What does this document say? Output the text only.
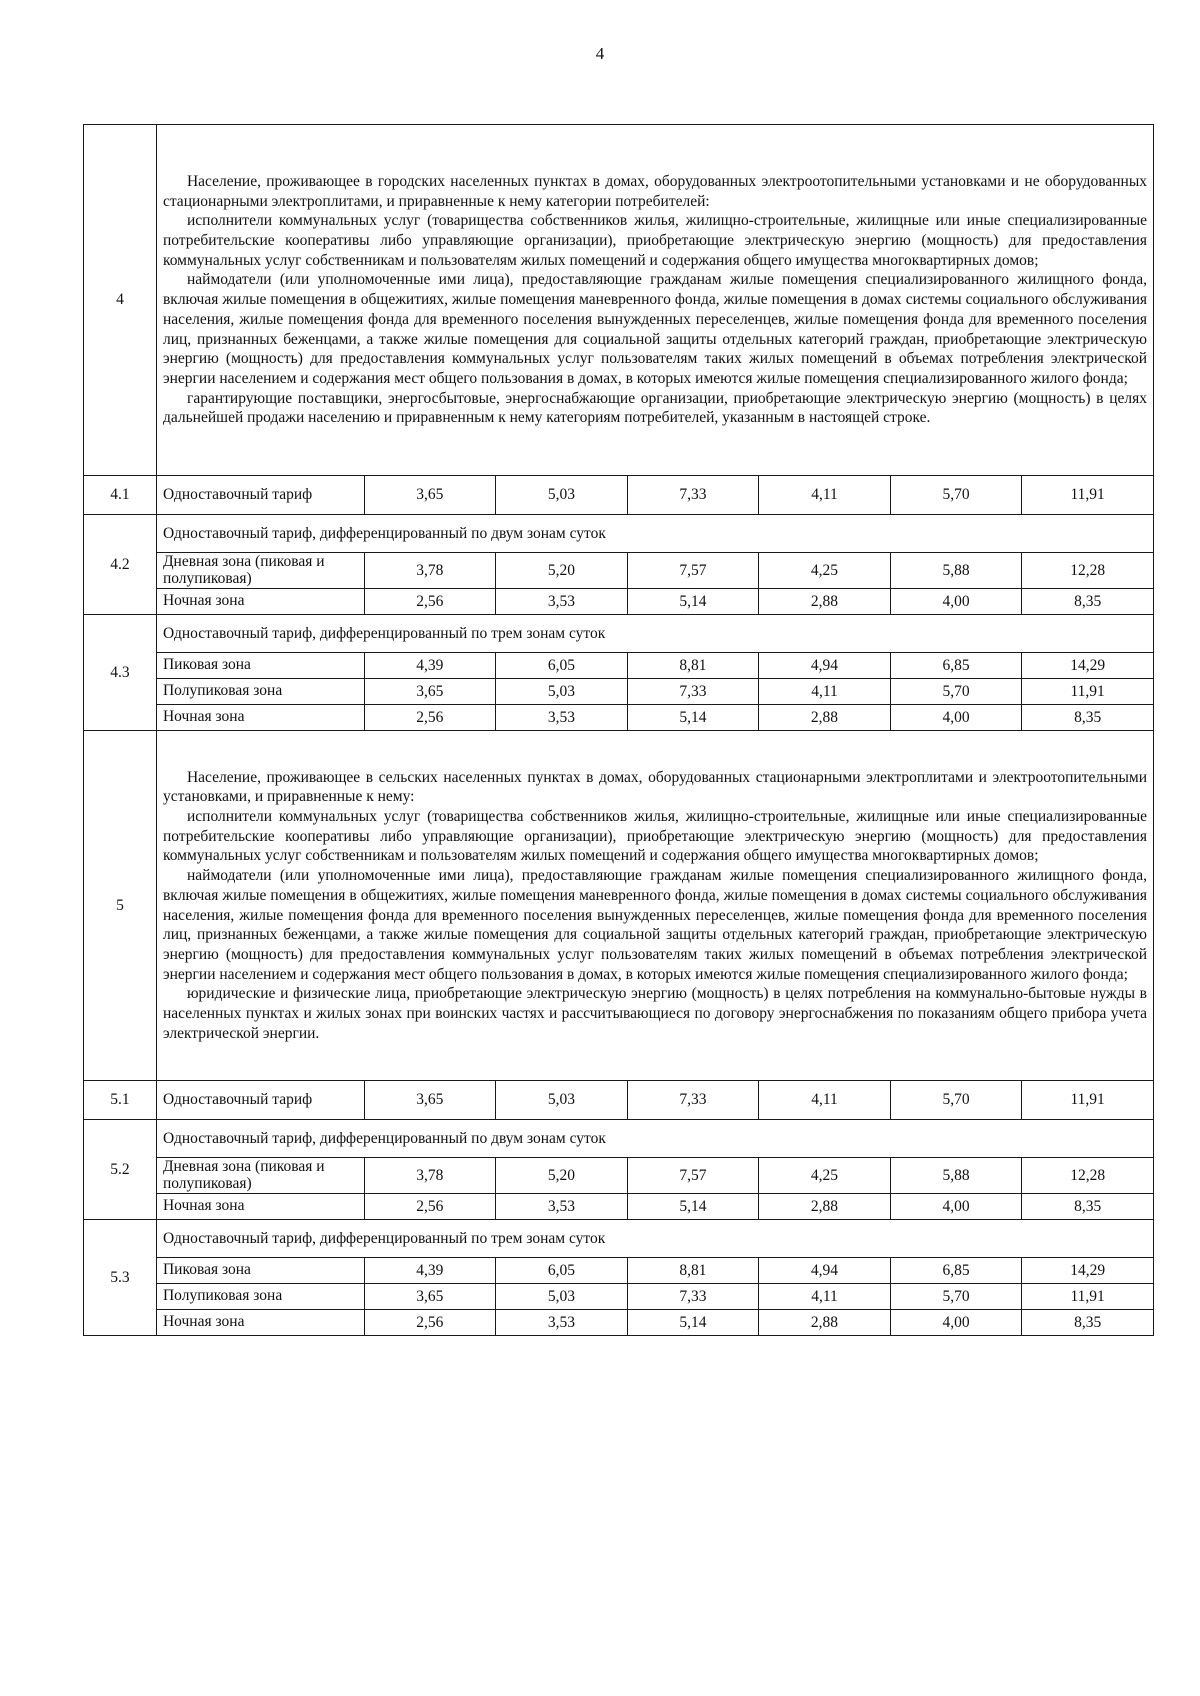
4
4	Население, проживающее в городских населенных пунктах в домах, оборудованных электроотопительными установками и не оборудованных стационарными электроплитами, и приравненные к нему категории потребителей:

исполнители коммунальных услуг (товарищества собственников жилья, жилищно-строительные, жилищные или иные специализированные потребительские кооперативы либо управляющие организации), приобретающие электрическую энергию (мощность) для предоставления коммунальных услуг собственникам и пользователям жилых помещений и содержания общего имущества многоквартирных домов;

наймодатели (или уполномоченные ими лица), предоставляющие гражданам жилые помещения специализированного жилищного фонда, включая жилые помещения в общежитиях, жилые помещения маневренного фонда, жилые помещения в домах системы социального обслуживания населения, жилые помещения фонда для временного поселения вынужденных переселенцев, жилые помещения фонда для временного поселения лиц, признанных беженцами, а также жилые помещения для социальной защиты отдельных категорий граждан, приобретающие электрическую энергию (мощность) для предоставления коммунальных услуг пользователям таких жилых помещений в объемах потребления электрической энергии населением и содержания мест общего пользования в домах, в которых имеются жилые помещения специализированного жилого фонда;

гарантирующие поставщики, энергосбытовые, энергоснабжающие организации, приобретающие электрическую энергию (мощность) в целях дальнейшей продажи населению и приравненным к нему категориям потребителей, указанным в настоящей строке.						

4.1	Одноставочный тариф	3,65	5,03	7,33	4,11	5,70	11,91
4.2	Одноставочный тариф, дифференцированный по двум зонам суток						
	Дневная зона (пиковая и полупиковая)	3,78	5,20	7,57	4,25	5,88	12,28
	Ночная зона	2,56	3,53	5,14	2,88	4,00	8,35
4.3	Одноставочный тариф, дифференцированный по трем зонам суток						
	Пиковая зона	4,39	6,05	8,81	4,94	6,85	14,29
	Полупиковая зона	3,65	5,03	7,33	4,11	5,70	11,91
	Ночная зона	2,56	3,53	5,14	2,88	4,00	8,35
5	Население, проживающее в сельских населенных пунктах в домах, оборудованных стационарными электроплитами и электроотопительными установками, и приравненные к нему:

исполнители коммунальных услуг (товарищества собственников жилья, жилищно-строительные, жилищные или иные специализированные потребительские кооперативы либо управляющие организации), приобретающие электрическую энергию (мощность) для предоставления коммунальных услуг собственникам и пользователям жилых помещений и содержания общего имущества многоквартирных домов;

наймодатели (или уполномоченные ими лица), предоставляющие гражданам жилые помещения специализированного жилищного фонда, включая жилые помещения в общежитиях, жилые помещения маневренного фонда, жилые помещения в домах системы социального обслуживания населения, жилые помещения фонда для временного поселения вынужденных переселенцев, жилые помещения фонда для временного поселения лиц, признанных беженцами, а также жилые помещения для социальной защиты отдельных категорий граждан, приобретающие электрическую энергию (мощность) для предоставления коммунальных услуг пользователям таких жилых помещений в объемах потребления электрической энергии населением и содержания мест общего пользования в домах, в которых имеются жилые помещения специализированного жилого фонда;

юридические и физические лица, приобретающие электрическую энергию (мощность) в целях потребления на коммунально-бытовые нужды в населенных пунктах и жилых зонах при воинских частях и рассчитывающиеся по договору энергоснабжения по показаниям общего прибора учета электрической энергии.						

5.1	Одноставочный тариф	3,65	5,03	7,33	4,11	5,70	11,91
5.2	Одноставочный тариф, дифференцированный по двум зонам суток						
	Дневная зона (пиковая и полупиковая)	3,78	5,20	7,57	4,25	5,88	12,28
	Ночная зона	2,56	3,53	5,14	2,88	4,00	8,35
5.3	Одноставочный тариф, дифференцированный по трем зонам суток						
	Пиковая зона	4,39	6,05	8,81	4,94	6,85	14,29
	Полупиковая зона	3,65	5,03	7,33	4,11	5,70	11,91
	Ночная зона	2,56	3,53	5,14	2,88	4,00	8,35
